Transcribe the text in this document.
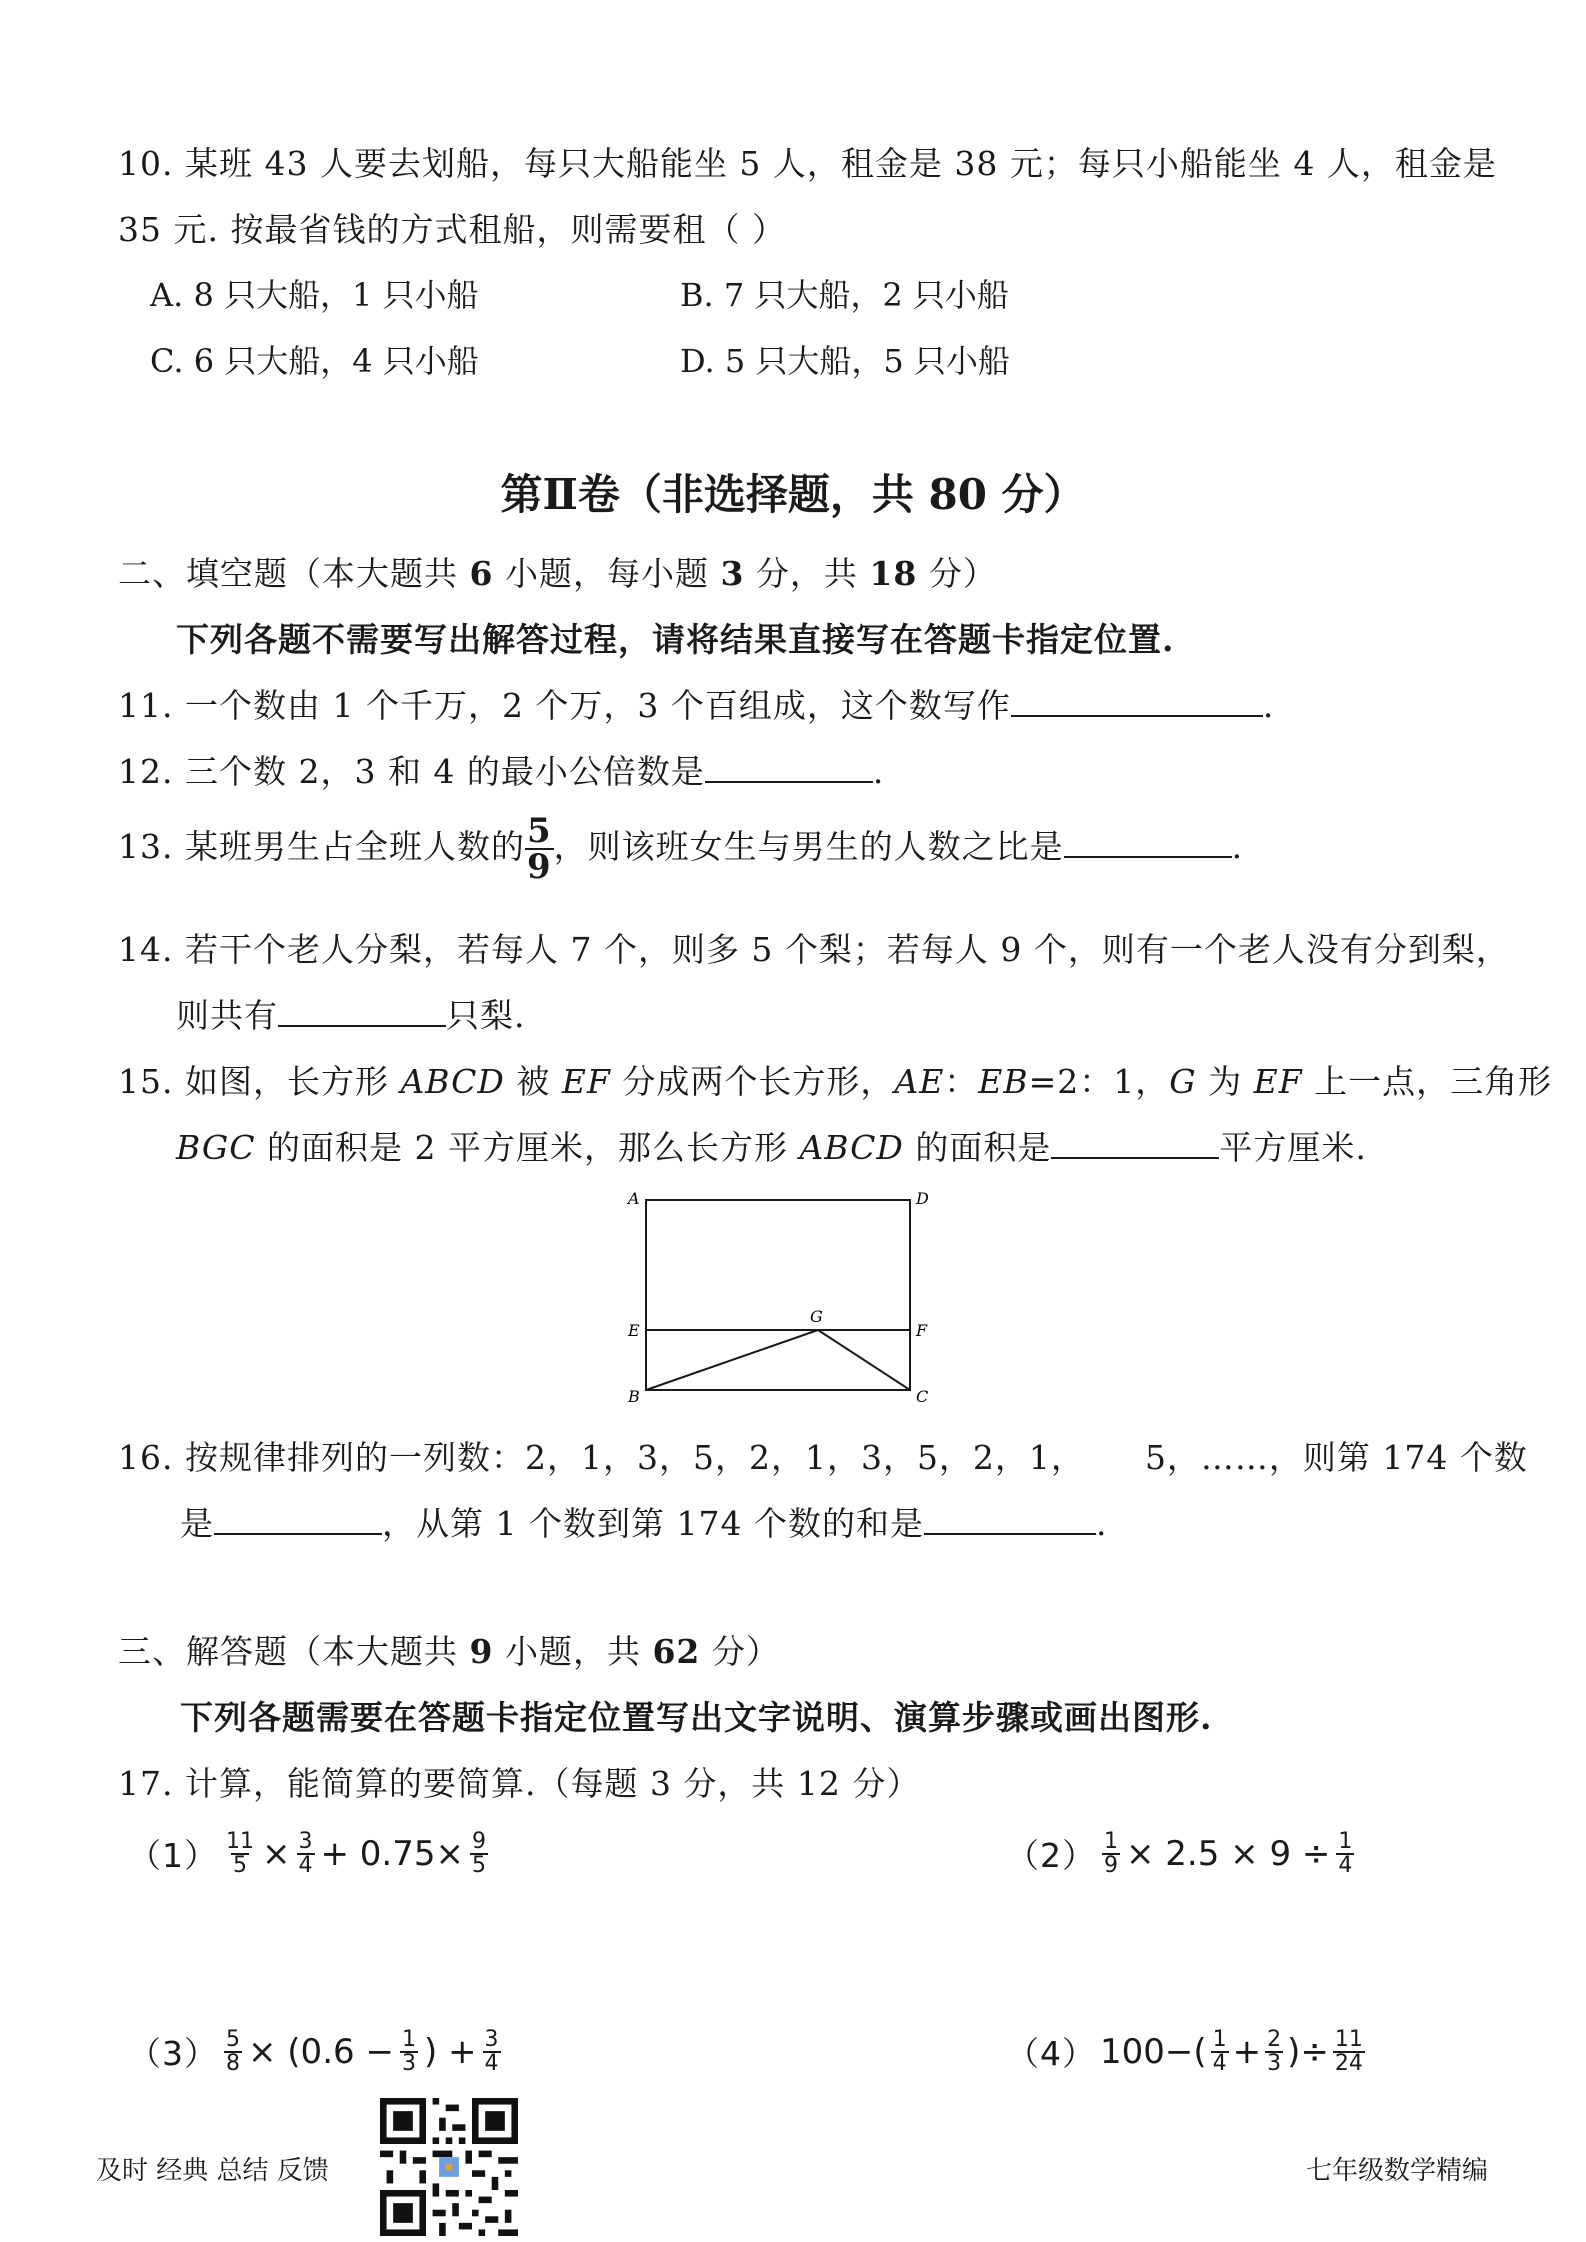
10. 某班 43 人要去划船，每只大船能坐 5 人，租金是 38 元；每只小船能坐 4 人，租金是
35 元. 按最省钱的方式租船，则需要租（ ）
A. 8 只大船，1 只小船	B. 7 只大船，2 只小船
C. 6 只大船，4 只小船	D. 5 只大船，5 只小船
第Ⅱ卷（非选择题，共 80 分）
二、填空题（本大题共 6 小题，每小题 3 分，共 18 分）
下列各题不需要写出解答过程，请将结果直接写在答题卡指定位置.
11. 一个数由 1 个千万，2 个万，3 个百组成，这个数写作	.
12. 三个数 2，3 和 4 的最小公倍数是	.
13. 某班男生占全班人数的 $\frac{5}{9}$ ，则该班女生与男生的人数之比是	.
14. 若干个老人分梨，若每人 7 个，则多 5 个梨；若每人 9 个，则有一个老人没有分到梨，
则共有	只梨.
15. 如图，长方形 ABCD 被 EF 分成两个长方形，AE：EB=2：1，G 为 EF 上一点，三角形
BGC 的面积是 2 平方厘米，那么长方形 ABCD 的面积是	平方厘米.
A	D
E	F
G
B	C
16. 按规律排列的一列数：2，1，3，5，2，1，3，5，2，1， 5，……，则第 174 个数
是	，从第 1 个数到第 174 个数的和是	.
三、解答题（本大题共 9 小题，共 62 分）
下列各题需要在答题卡指定位置写出文字说明、演算步骤或画出图形.
17. 计算，能简算的要简算.（每题 3 分，共 12 分）
$(1) \frac{11}{5} \times \frac{3}{4} + 0.75\times \frac{9}{5}$	$(2) \frac{1}{9} \times 2.5 \times 9 \div \frac{1}{4}$
$(3) \frac{5}{8} \times (0.6 - \frac{1}{3}$ ) + $\frac{3}{4}$	（4） $100-( \frac{1}{4} + \frac{2}{3}$ )÷ $\frac{11}{24}$
及时 经典 总结 反馈	七年级数学精编
